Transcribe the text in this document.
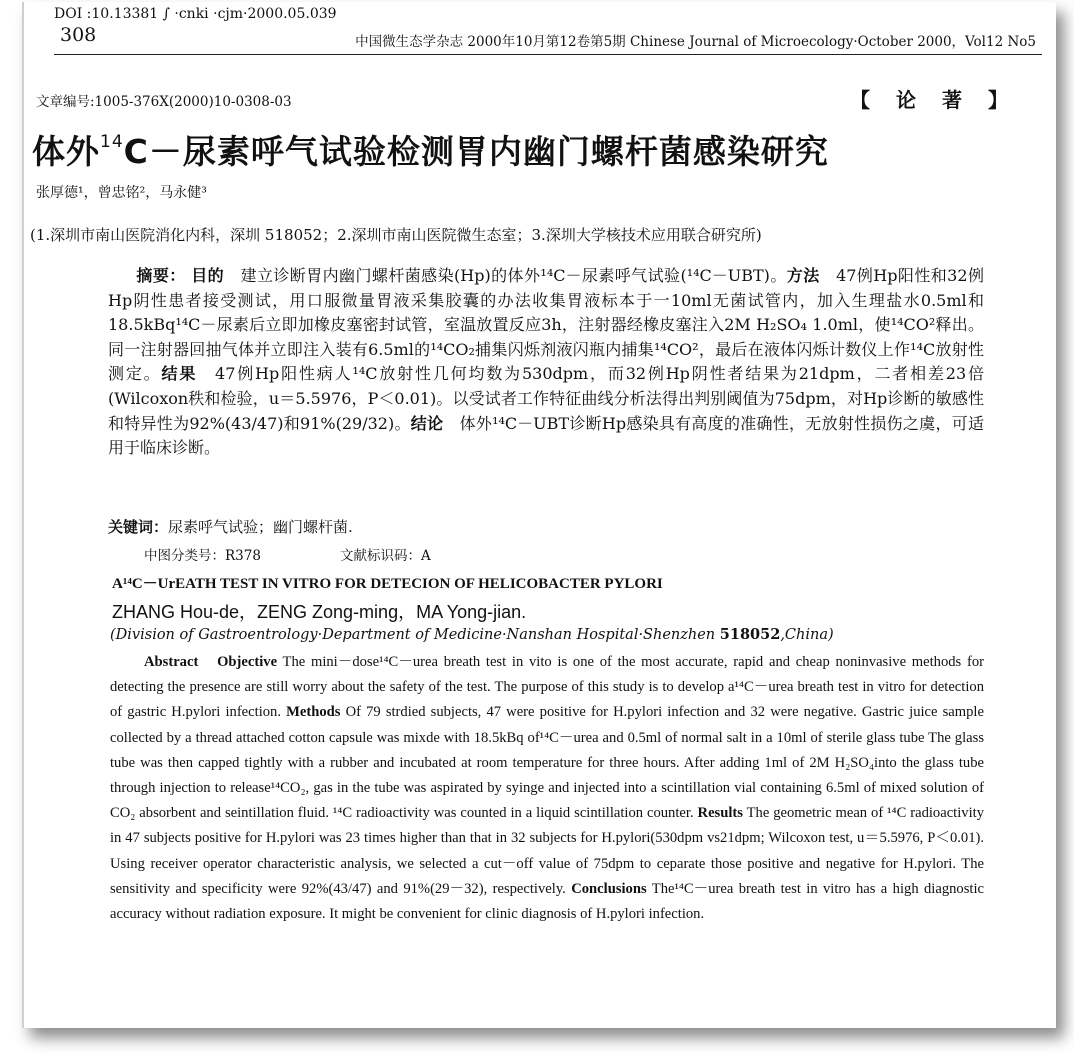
DOI :10.13381 ∫ ·cnki ·cjm·2000.05.039
308	中国微生态学杂志 2000年10月第12卷第5期 Chinese Journal of Microecology·October 2000，Vol12 No5
文章编号:1005-376X(2000)10-0308-03	【论著】
体外$^{14}$C－尿素呼气试验检测胃内幽门螺杆菌感染研究
张厚德¹，曾忠铭²，马永健³
(1.深圳市南山医院消化内科，深圳 518052；2.深圳市南山医院微生态室；3.深圳大学核技术应用联合研究所)
摘要： 目的　 建立诊断胃内幽门螺杆菌感染(Hp)的体外¹⁴C－尿素呼气试验(¹⁴C－UBT)。方法　 47例Hp阳性和32例Hp阴性患者接受测试，用口服微量胃液采集胶囊的办法收集胃液标本于一10ml无菌试管内，加入生理盐水0.5ml和18.5kBq¹⁴C－尿素后立即加橡皮塞密封试管，室温放置反应3h，注射器经橡皮塞注入2M H₂SO₄ 1.0ml，使¹⁴CO²释出。同一注射器回抽气体并立即注入装有6.5ml的¹⁴CO₂捕集闪烁剂液闪瓶内捕集¹⁴CO²，最后在液体闪烁计数仪上作¹⁴C放射性测定。结果　 47例Hp阳性病人¹⁴C放射性几何均数为530dpm，而32例Hp阴性者结果为21dpm，二者相差23倍(Wilcoxon秩和检验，u＝5.5976，P＜0.01)。以受试者工作特征曲线分析法得出判别阈值为75dpm，对Hp诊断的敏感性和特异性为92%(43/47)和91%(29/32)。结论　 体外¹⁴C－UBT诊断Hp感染具有高度的准确性，无放射性损伤之虞，可适用于临床诊断。
关键词：尿素呼气试验；幽门螺杆菌.
中图分类号：R378	文献标识码：A
A¹⁴C－UrEATH TEST IN VITRO FOR DETECION OF HELICOBACTER PYLORI
ZHANG Hou-de，ZENG Zong-ming，MA Yong-jian.
(Division of Gastroentrology·Department of Medicine·Nanshan Hospital·Shenzhen 518052,China)
Abstract　 Objective The mini－dose¹⁴C－urea breath test in vito is one of the most accurate, rapid and cheap noninvasive methods for detecting the presence are still worry about the safety of the test. The purpose of this study is to develop a¹⁴C－urea breath test in vitro for detection of gastric H.pylori infection. Methods Of 79 strdied subjects, 47 were positive for H.pylori infection and 32 were negative. Gastric juice sample collected by a thread attached cotton capsule was mixde with 18.5kBq of¹⁴C－urea and 0.5ml of normal salt in a 10ml of sterile glass tube The glass tube was then capped tightly with a rubber and incubated at room temperature for three hours. After adding 1ml of 2M H₂SO₄into the glass tube through injection to release¹⁴CO₂, gas in the tube was aspirated by syinge and injected into a scintillation vial containing 6.5ml of mixed solution of CO₂ absorbent and seintillation fluid. ¹⁴C radioactivity was counted in a liquid scintillation counter. Results The geometric mean of ¹⁴C radioactivity in 47 subjects positive for H.pylori was 23 times higher than that in 32 subjects for H.pylori(530dpm vs21dpm; Wilcoxon test, u＝5.5976, P＜0.01). Using receiver operator characteristic analysis, we selected a cut－off value of 75dpm to ceparate those positive and negative for H.pylori. The sensitivity and specificity were 92%(43/47) and 91%(29－32), respectively. Conclusions The¹⁴C－urea breath test in vitro has a high diagnostic accuracy without radiation exposure. It might be convenient for clinic diagnosis of H.pylori infection.
